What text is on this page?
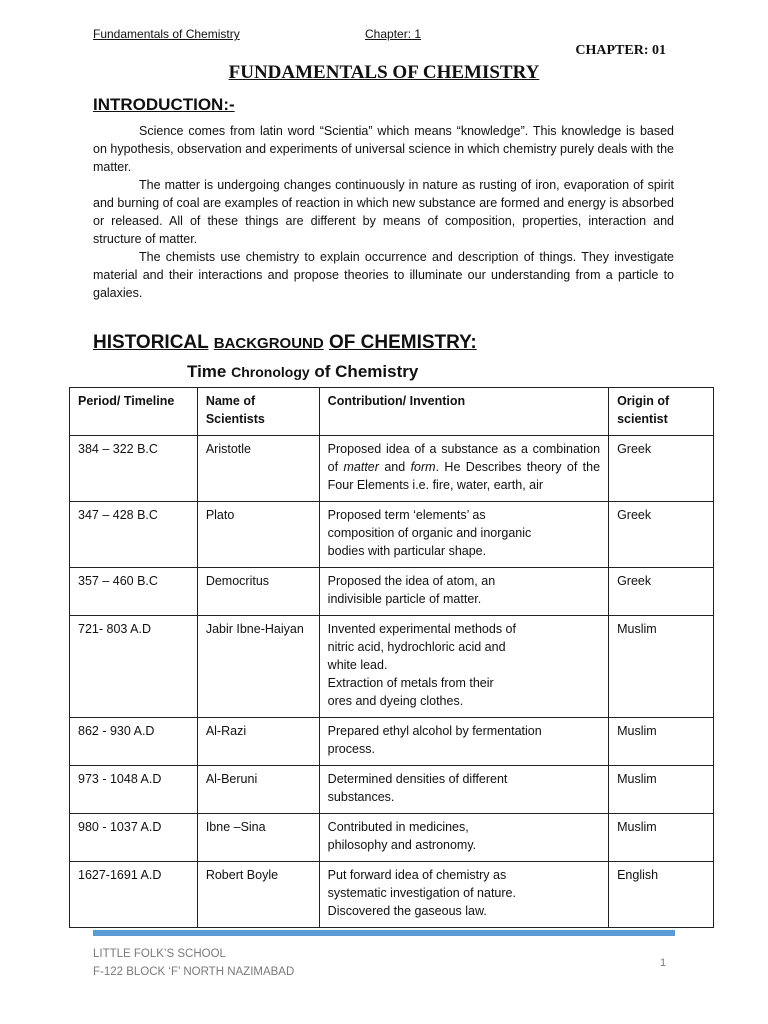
Fundamentals of Chemistry	Chapter: 1
CHAPTER: 01
FUNDAMENTALS OF CHEMISTRY
INTRODUCTION:-

Science comes from latin word “Scientia” which means “knowledge”. This knowledge is based on hypothesis, observation and experiments of universal science in which chemistry purely deals with the matter.

The matter is undergoing changes continuously in nature as rusting of iron, evaporation of spirit and burning of coal are examples of reaction in which new substance are formed and energy is absorbed or released. All of these things are different by means of composition, properties, interaction and structure of matter.

The chemists use chemistry to explain occurrence and description of things. They investigate material and their interactions and propose theories to illuminate our understanding from a particle to galaxies.

HISTORICAL BACKGROUND OF CHEMISTRY:
Time Chronology of Chemistry
Period/ Timeline	Name of Scientists	Contribution/ Invention	Origin of scientist
384 – 322 B.C	Aristotle	Proposed idea of a substance as a combination of matter and form. He Describes theory of the Four Elements i.e. fire, water, earth, air	Greek
347 – 428 B.C	Plato	Proposed term ‘elements’ as
composition of organic and inorganic
bodies with particular shape.	Greek
357 – 460 B.C	Democritus	Proposed the idea of atom, an
indivisible particle of matter.	Greek
721- 803 A.D	Jabir Ibne-Haiyan	Invented experimental methods of
nitric acid, hydrochloric acid and
white lead.
Extraction of metals from their
ores and dyeing clothes.	Muslim
862 - 930 A.D	Al-Razi	Prepared ethyl alcohol by fermentation
process.	Muslim
973 - 1048 A.D	Al-Beruni	Determined densities of different
substances.	Muslim
980 - 1037 A.D	Ibne –Sina	Contributed in medicines,
philosophy and astronomy.	Muslim
1627-1691 A.D	Robert Boyle	Put forward idea of chemistry as
systematic investigation of nature.
Discovered the gaseous law.	English
LITTLE FOLK’S SCHOOL
F-122 BLOCK ‘F’ NORTH NAZIMABAD
1
